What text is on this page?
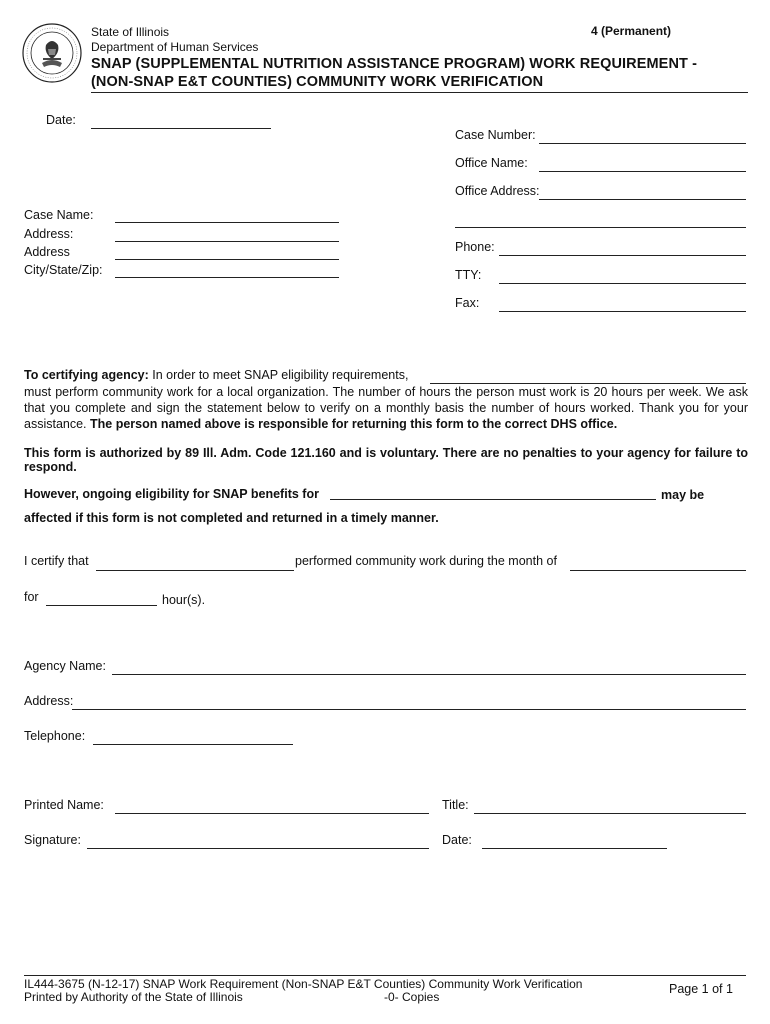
State of Illinois
Department of Human Services
4 (Permanent)
SNAP (SUPPLEMENTAL NUTRITION ASSISTANCE PROGRAM) WORK REQUIREMENT -
(NON-SNAP E&T COUNTIES) COMMUNITY WORK VERIFICATION
Date:
Case Number:
Office Name:
Office Address:
Phone:
TTY:
Fax:
Case Name:
Address:
Address
City/State/Zip:
To certifying agency: In order to meet SNAP eligibility requirements,
must perform community work for a local organization. The number of hours the person must work is 20 hours per week. We ask that you complete and sign the statement below to verify on a monthly basis the number of hours worked. Thank you for your assistance. The person named above is responsible for returning this form to the correct DHS office.
This form is authorized by 89 Ill. Adm. Code 121.160 and is voluntary. There are no penalties to your agency for failure to respond.
However, ongoing eligibility for SNAP benefits for	may be
affected if this form is not completed and returned in a timely manner.
I certify that	performed community work during the month of
for	hour(s).
Agency Name:
Address:
Telephone:
Printed Name:	Title:
Signature:	Date:
IL444-3675 (N-12-17) SNAP Work Requirement (Non-SNAP E&T Counties) Community Work Verification
Printed by Authority of the State of Illinois	-0- Copies
Page 1 of 1
